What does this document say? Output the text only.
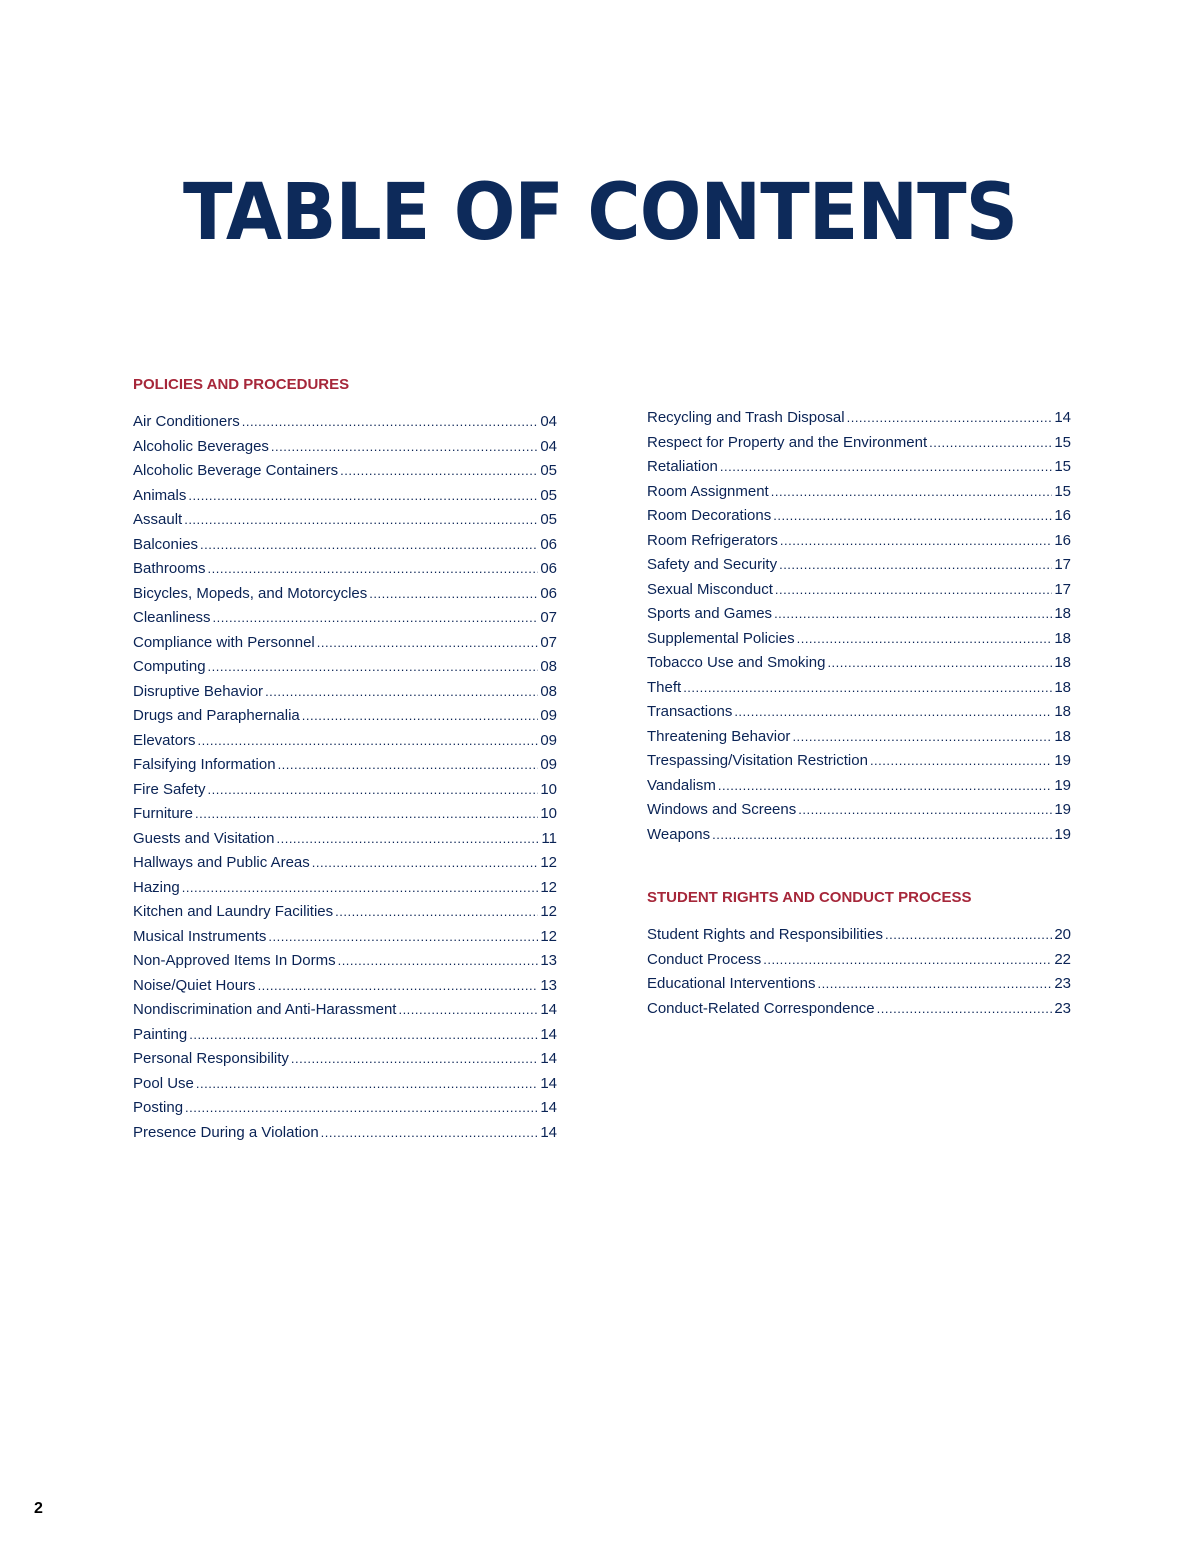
TABLE OF CONTENTS
POLICIES AND PROCEDURES
Air Conditioners .....	04
Alcoholic Beverages .....	04
Alcoholic Beverage Containers .....	05
Animals .....	05
Assault .....	05
Balconies .....	06
Bathrooms .....	06
Bicycles, Mopeds, and Motorcycles .....	06
Cleanliness .....	07
Compliance with Personnel .....	07
Computing .....	08
Disruptive Behavior .....	08
Drugs and Paraphernalia .....	09
Elevators .....	09
Falsifying Information .....	09
Fire Safety .....	10
Furniture .....	10
Guests and Visitation .....	11
Hallways and Public Areas .....	12
Hazing .....	12
Kitchen and Laundry Facilities .....	12
Musical Instruments .....	12
Non-Approved Items In Dorms .....	13
Noise/Quiet Hours .....	13
Nondiscrimination and Anti-Harassment .....	14
Painting .....	14
Personal Responsibility .....	14
Pool Use .....	14
Posting .....	14
Presence During a Violation .....	14
Recycling and Trash Disposal .....	14
Respect for Property and the Environment .....	15
Retaliation .....	15
Room Assignment .....	15
Room Decorations .....	16
Room Refrigerators .....	16
Safety and Security .....	17
Sexual Misconduct .....	17
Sports and Games .....	18
Supplemental Policies .....	18
Tobacco Use and Smoking .....	18
Theft .....	18
Transactions .....	18
Threatening Behavior .....	18
Trespassing/Visitation Restriction .....	19
Vandalism .....	19
Windows and Screens .....	19
Weapons .....	19
STUDENT RIGHTS AND CONDUCT PROCESS
Student Rights and Responsibilities .....	20
Conduct Process .....	22
Educational Interventions .....	23
Conduct-Related Correspondence .....	23
2
